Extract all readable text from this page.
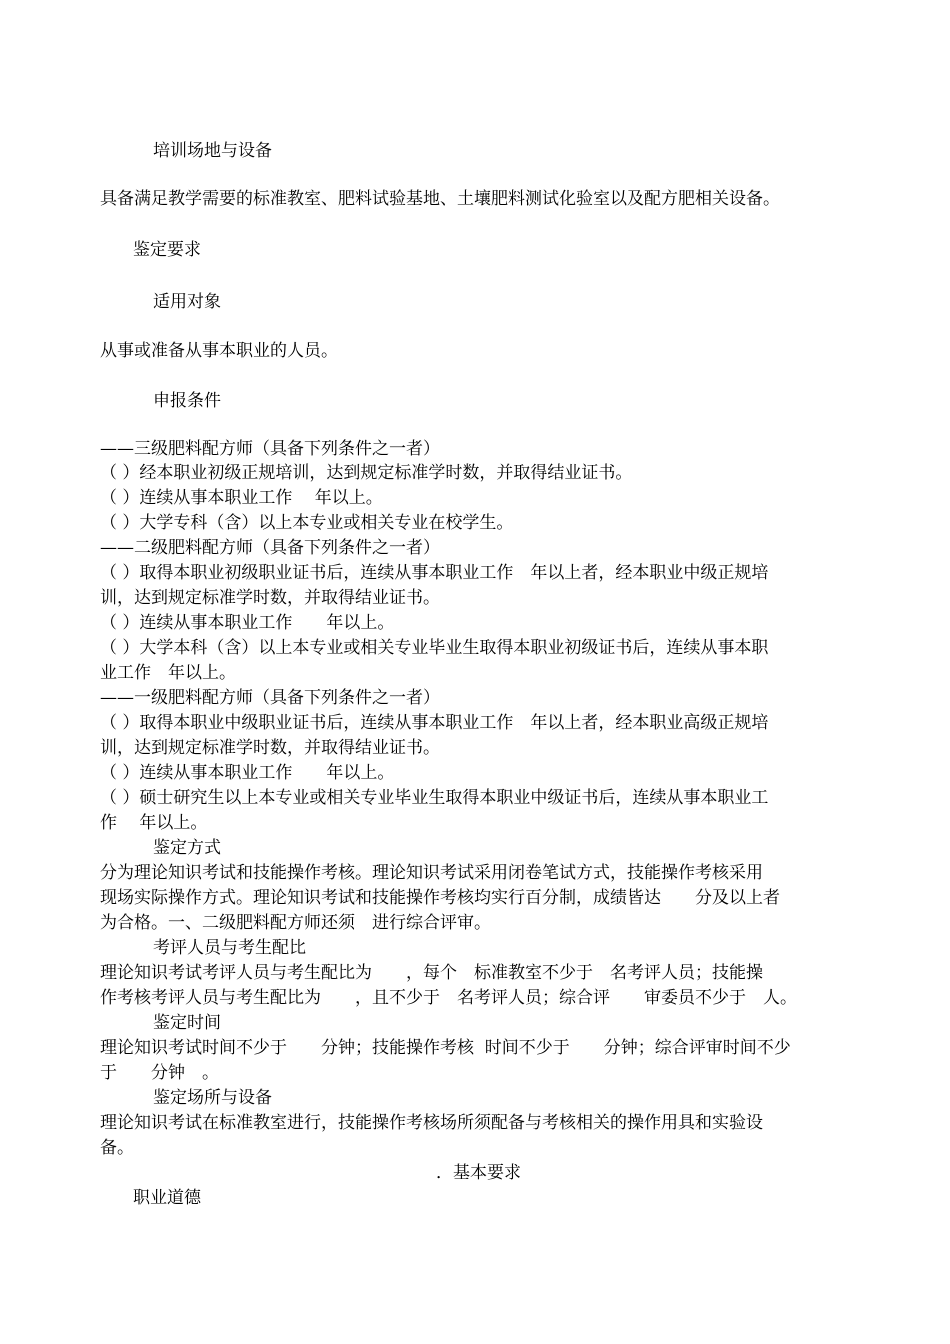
培训场地与设备
具备满足教学需要的标准教室、肥料试验基地、土壤肥料测试化验室以及配方肥相关设备。
鉴定要求
适用对象
从事或准备从事本职业的人员。
申报条件
——三级肥料配方师（具备下列条件之一者）
（ ）经本职业初级正规培训，达到规定标准学时数，并取得结业证书。
（ ）连续从事本职业工作　 年以上。
（ ）大学专科（含）以上本专业或相关专业在校学生。
——二级肥料配方师（具备下列条件之一者）
（ ）取得本职业初级职业证书后，连续从事本职业工作　年以上者，经本职业中级正规培
训，达到规定标准学时数，并取得结业证书。
（ ）连续从事本职业工作　　年以上。
（ ）大学本科（含）以上本专业或相关专业毕业生取得本职业初级证书后，连续从事本职
业工作　年以上。
——一级肥料配方师（具备下列条件之一者）
（ ）取得本职业中级职业证书后，连续从事本职业工作　年以上者，经本职业高级正规培
训，达到规定标准学时数，并取得结业证书。
（ ）连续从事本职业工作　　年以上。
（ ）硕士研究生以上本专业或相关专业毕业生取得本职业中级证书后，连续从事本职业工
作　 年以上。
鉴定方式
分为理论知识考试和技能操作考核。理论知识考试采用闭卷笔试方式，技能操作考核采用
现场实际操作方式。理论知识考试和技能操作考核均实行百分制，成绩皆达　　分及以上者
为合格。一、二级肥料配方师还须　进行综合评审。
考评人员与考生配比
理论知识考试考评人员与考生配比为　　，每个　标准教室不少于　名考评人员；技能操
作考核考评人员与考生配比为　　，且不少于　名考评人员；综合评　　审委员不少于　人。
鉴定时间
理论知识考试时间不少于　　分钟；技能操作考核  时间不少于　　分钟；综合评审时间不少
于　　分钟　。
鉴定场所与设备
理论知识考试在标准教室进行，技能操作考核场所须配备与考核相关的操作用具和实验设
备。
．基本要求
职业道德
